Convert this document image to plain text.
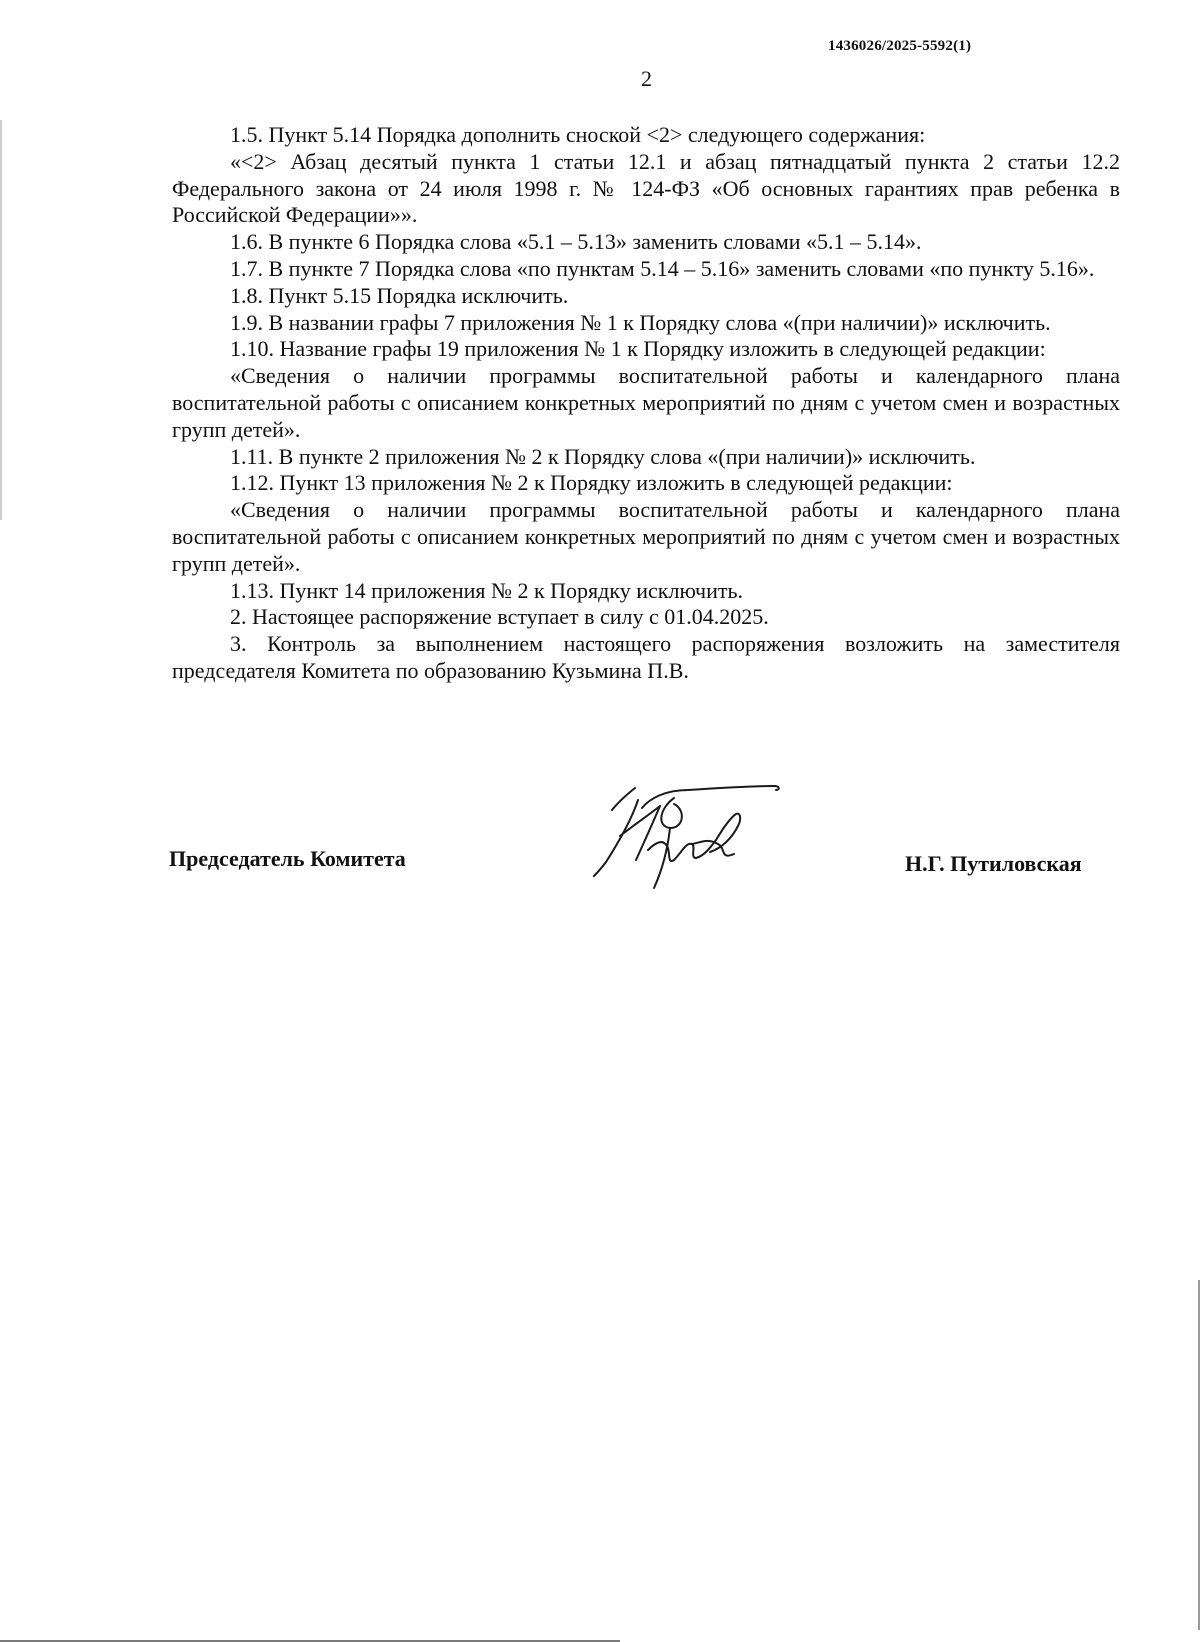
1436026/2025-5592(1)
2

1.5. Пункт 5.14 Порядка дополнить сноской <2> следующего содержания:

«<2> Абзац десятый пункта 1 статьи 12.1 и абзац пятнадцатый пункта 2 статьи 12.2 Федерального закона от 24 июля 1998 г. № 124-ФЗ «Об основных гарантиях прав ребенка в Российской Федерации»».

1.6. В пункте 6 Порядка слова «5.1 – 5.13» заменить словами «5.1 – 5.14».

1.7. В пункте 7 Порядка слова «по пунктам 5.14 – 5.16» заменить словами «по пункту 5.16».

1.8. Пункт 5.15 Порядка исключить.

1.9. В названии графы 7 приложения № 1 к Порядку слова «(при наличии)» исключить.

1.10. Название графы 19 приложения № 1 к Порядку изложить в следующей редакции:

«Сведения о наличии программы воспитательной работы и календарного плана воспитательной работы с описанием конкретных мероприятий по дням с учетом смен и возрастных групп детей».

1.11. В пункте 2 приложения № 2 к Порядку слова «(при наличии)» исключить.

1.12. Пункт 13 приложения № 2 к Порядку изложить в следующей редакции:

«Сведения о наличии программы воспитательной работы и календарного плана воспитательной работы с описанием конкретных мероприятий по дням с учетом смен и возрастных групп детей».

1.13. Пункт 14 приложения № 2 к Порядку исключить.

2. Настоящее распоряжение вступает в силу с 01.04.2025.

3. Контроль за выполнением настоящего распоряжения возложить на заместителя председателя Комитета по образованию Кузьмина П.В.

Председатель Комитета	Н.Г. Путиловская
